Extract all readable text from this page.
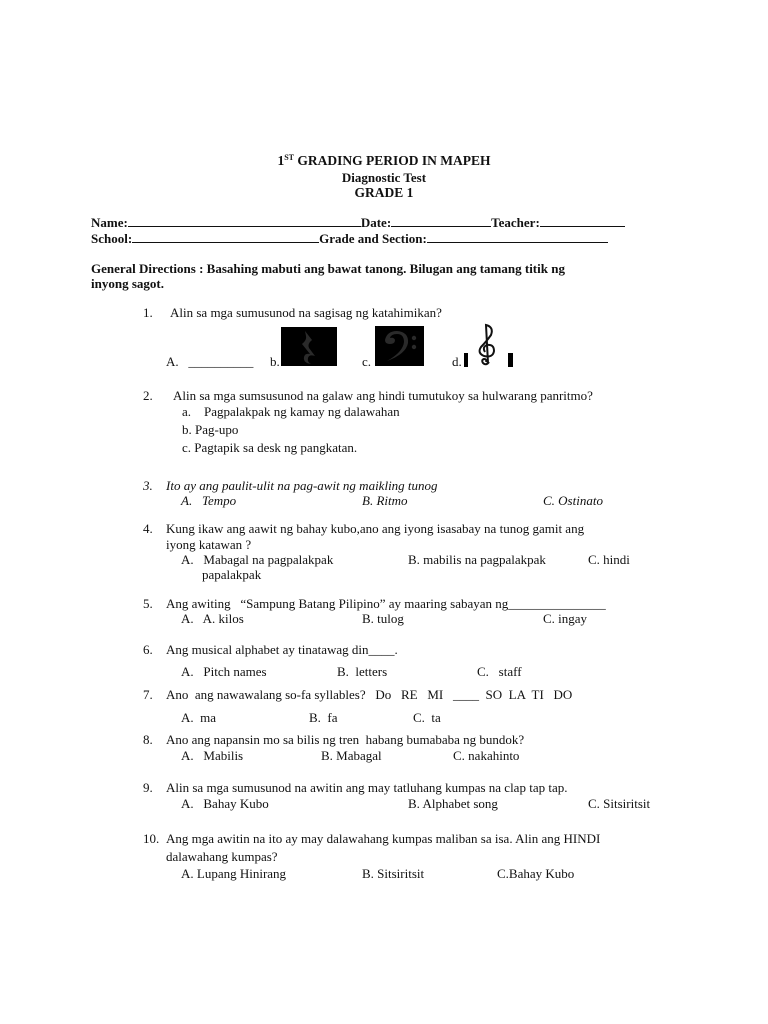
1ST GRADING PERIOD IN MAPEH
Diagnostic Test
GRADE 1
Name:	Date:	Teacher:
School:	Grade and Section:
General Directions : Basahing mabuti ang bawat tanong. Bilugan ang tamang titik ng
inyong sagot.
1. Alin sa mga sumusunod na sagisag ng katahimikan?
A. __________ b.	c.	d.
2. Alin sa mga sumsusunod na galaw ang hindi tumutukoy sa hulwarang panritmo?
a.    Pagpalakpak ng kamay ng dalawahan
b. Pag-upo
c. Pagtapik sa desk ng pangkatan.
3. Ito ay ang paulit-ulit na pag-awit ng maikling tunog
A.   Tempo	B. Ritmo	C. Ostinato
4. Kung ikaw ang aawit ng bahay kubo,ano ang iyong isasabay na tunog gamit ang
iyong katawan ?
A.   Mabagal na pagpalakpak	B. mabilis na pagpalakpak	C. hindi
papalakpak
5. Ang awiting   “Sampung Batang Pilipino” ay maaring sabayan ng_______________
A.   A. kilos	B. tulog	C. ingay
6. Ang musical alphabet ay tinatawag din____.
A.   Pitch names	B.  letters	C.   staff
7. Ano  ang nawawalang so-fa syllables?   Do   RE   MI   ____  SO  LA  TI   DO
A.  ma	B.  fa	C.  ta
8. Ano ang napansin mo sa bilis ng tren  habang bumababa ng bundok?
A.   Mabilis	B. Mabagal	C. nakahinto
9. Alin sa mga sumusunod na awitin ang may tatluhang kumpas na clap tap tap.
A.   Bahay Kubo	B. Alphabet song	C. Sitsiritsit
10. Ang mga awitin na ito ay may dalawahang kumpas maliban sa isa. Alin ang HINDI
dalawahang kumpas?
A. Lupang Hinirang	B. Sitsiritsit	C.Bahay Kubo
